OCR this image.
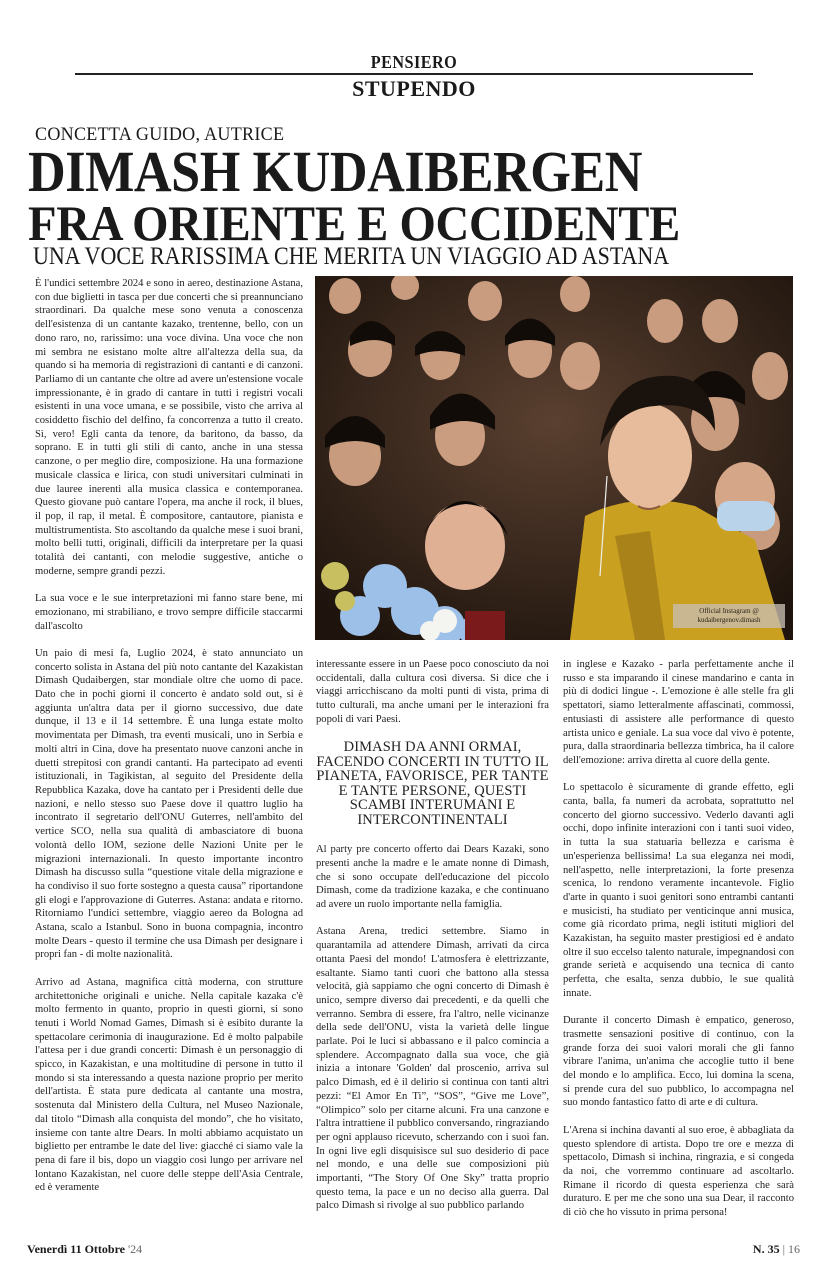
PENSIERO
STUPENDO
CONCETTA GUIDO, AUTRICE
DIMASH KUDAIBERGEN
FRA ORIENTE E OCCIDENTE
UNA VOCE RARISSIMA CHE MERITA UN VIAGGIO AD ASTANA

È l'undici settembre 2024 e sono in aereo, destinazione Astana, con due biglietti in tasca per due concerti che si preannunciano straordinari. Da qualche mese sono venuta a conoscenza dell'esistenza di un cantante kazako, trentenne, bello, con un dono raro, no, rarissimo: una voce divina. Una voce che non mi sembra ne esistano molte altre all'altezza della sua, da quando si ha memoria di registrazioni di cantanti e di canzoni. Parliamo di un cantante che oltre ad avere un'estensione vocale impressionante, è in grado di cantare in tutti i registri vocali esistenti in una voce umana, e se possibile, visto che arriva al cosiddetto fischio del delfino, fa concorrenza a tutto il creato. Sì, vero! Egli canta da tenore, da baritono, da basso, da soprano. E in tutti gli stili di canto, anche in una stessa canzone, o per meglio dire, composizione. Ha una formazione musicale classica e lirica, con studi universitari culminati in due lauree inerenti alla musica classica e contemporanea. Questo giovane può cantare l'opera, ma anche il rock, il blues, il pop, il rap, il metal. È compositore, cantautore, pianista e multistrumentista. Sto ascoltando da qualche mese i suoi brani, molto belli tutti, originali, difficili da interpretare per la quasi totalità dei cantanti, con melodie suggestive, antiche o moderne, sempre grandi pezzi.

La sua voce e le sue interpretazioni mi fanno stare bene, mi emozionano, mi strabiliano, e trovo sempre difficile staccarmi dall'ascolto

Un paio di mesi fa, Luglio 2024, è stato annunciato un concerto solista in Astana del più noto cantante del Kazakistan Dimash Qudaibergen, star mondiale oltre che uomo di pace. Dato che in pochi giorni il concerto è andato sold out, si è aggiunta un'altra data per il giorno successivo, due date dunque, il 13 e il 14 settembre. È una lunga estate molto movimentata per Dimash, tra eventi musicali, uno in Serbia e molti altri in Cina, dove ha presentato nuove canzoni anche in duetti strepitosi con grandi cantanti. Ha partecipato ad eventi istituzionali, in Tagikistan, al seguito del Presidente della Repubblica Kazaka, dove ha cantato per i Presidenti delle due nazioni, e nello stesso suo Paese dove il quattro luglio ha incontrato il segretario dell'ONU Guterres, nell'ambito del vertice SCO, nella sua qualità di ambasciatore di buona volontà dello IOM, sezione delle Nazioni Unite per le migrazioni internazionali. In questo importante incontro Dimash ha discusso sulla “questione vitale della migrazione e ha condiviso il suo forte sostegno a questa causa” riportandone gli elogi e l'approvazione di Guterres. Astana: andata e ritorno. Ritorniamo l'undici settembre, viaggio aereo da Bologna ad Astana, scalo a Istanbul. Sono in buona compagnia, incontro molte Dears - questo il termine che usa Dimash per designare i propri fan - di molte nazionalità.

Arrivo ad Astana, magnifica città moderna, con strutture architettoniche originali e uniche. Nella capitale kazaka c'è molto fermento in quanto, proprio in questi giorni, si sono tenuti i World Nomad Games, Dimash si è esibito durante la spettacolare cerimonia di inaugurazione. Ed è molto palpabile l'attesa per i due grandi concerti: Dimash è un personaggio di spicco, in Kazakistan, e una moltitudine di persone in tutto il mondo si sta interessando a questa nazione proprio per merito dell'artista. È stata pure dedicata al cantante una mostra, sostenuta dal Ministero della Cultura, nel Museo Nazionale, dal titolo “Dimash alla conquista del mondo”, che ho visitato, insieme con tante altre Dears. In molti abbiamo acquistato un biglietto per entrambe le date del live: giacché ci siamo vale la pena di fare il bis, dopo un viaggio così lungo per arrivare nel lontano Kazakistan, nel cuore delle steppe dell'Asia Centrale, ed è veramente

Official Instagram @
kudaibergenov.dimash

interessante essere in un Paese poco conosciuto da noi occidentali, dalla cultura così diversa. Si dice che i viaggi arricchiscano da molti punti di vista, prima di tutto culturali, ma anche umani per le interazioni fra popoli di vari Paesi.

DIMASH DA ANNI ORMAI, FACENDO CONCERTI IN TUTTO IL PIANETA, FAVORISCE, PER TANTE E TANTE PERSONE, QUESTI SCAMBI INTERUMANI E INTERCONTINENTALI

Al party pre concerto offerto dai Dears Kazaki, sono presenti anche la madre e le amate nonne di Dimash, che si sono occupate dell'educazione del piccolo Dimash, come da tradizione kazaka, e che continuano ad avere un ruolo importante nella famiglia.

Astana Arena, tredici settembre. Siamo in quarantamila ad attendere Dimash, arrivati da circa ottanta Paesi del mondo! L'atmosfera è elettrizzante, esaltante. Siamo tanti cuori che battono alla stessa velocità, già sappiamo che ogni concerto di Dimash è unico, sempre diverso dai precedenti, e da quelli che verranno. Sembra di essere, fra l'altro, nelle vicinanze della sede dell'ONU, vista la varietà delle lingue parlate. Poi le luci si abbassano e il palco comincia a splendere. Accompagnato dalla sua voce, che già inizia a intonare 'Golden' dal proscenio, arriva sul palco Dimash, ed è il delirio si continua con tanti altri pezzi: “El Amor En Ti”, “SOS”, “Give me Love”, “Olimpico” solo per citarne alcuni. Fra una canzone e l'altra intrattiene il pubblico conversando, ringraziando per ogni applauso ricevuto, scherzando con i suoi fan. In ogni live egli disquisisce sul suo desiderio di pace nel mondo, e una delle sue composizioni più importanti, “The Story Of One Sky” tratta proprio questo tema, la pace e un no deciso alla guerra. Dal palco Dimash si rivolge al suo pubblico parlando

in inglese e Kazako - parla perfettamente anche il russo e sta imparando il cinese mandarino e canta in più di dodici lingue -. L'emozione è alle stelle fra gli spettatori, siamo letteralmente affascinati, commossi, entusiasti di assistere alle performance di questo artista unico e geniale. La sua voce dal vivo è potente, pura, dalla straordinaria bellezza timbrica, ha il calore dell'emozione: arriva diretta al cuore della gente.

Lo spettacolo è sicuramente di grande effetto, egli canta, balla, fa numeri da acrobata, soprattutto nel concerto del giorno successivo. Vederlo davanti agli occhi, dopo infinite interazioni con i tanti suoi video, in tutta la sua statuaria bellezza e carisma è un'esperienza bellissima! La sua eleganza nei modi, nell'aspetto, nelle interpretazioni, la forte presenza scenica, lo rendono veramente incantevole. Figlio d'arte in quanto i suoi genitori sono entrambi cantanti e musicisti, ha studiato per venticinque anni musica, come già ricordato prima, negli istituti migliori del Kazakistan, ha seguito master prestigiosi ed è andato oltre il suo eccelso talento naturale, impegnandosi con grande serietà e acquisendo una tecnica di canto perfetta, che esalta, senza dubbio, le sue qualità innate.

Durante il concerto Dimash è empatico, generoso, trasmette sensazioni positive di continuo, con la grande forza dei suoi valori morali che gli fanno vibrare l'anima, un'anima che accoglie tutto il bene del mondo e lo amplifica. Ecco, lui domina la scena, si prende cura del suo pubblico, lo accompagna nel suo mondo fantastico fatto di arte e di cultura.

L'Arena si inchina davanti al suo eroe, è abbagliata da questo splendore di artista. Dopo tre ore e mezza di spettacolo, Dimash si inchina, ringrazia, e si congeda da noi, che vorremmo continuare ad ascoltarlo. Rimane il ricordo di questa esperienza che sarà duraturo. E per me che sono una sua Dear, il racconto di ciò che ho vissuto in prima persona!

Venerdì 11 Ottobre '24	N. 35 | 16
